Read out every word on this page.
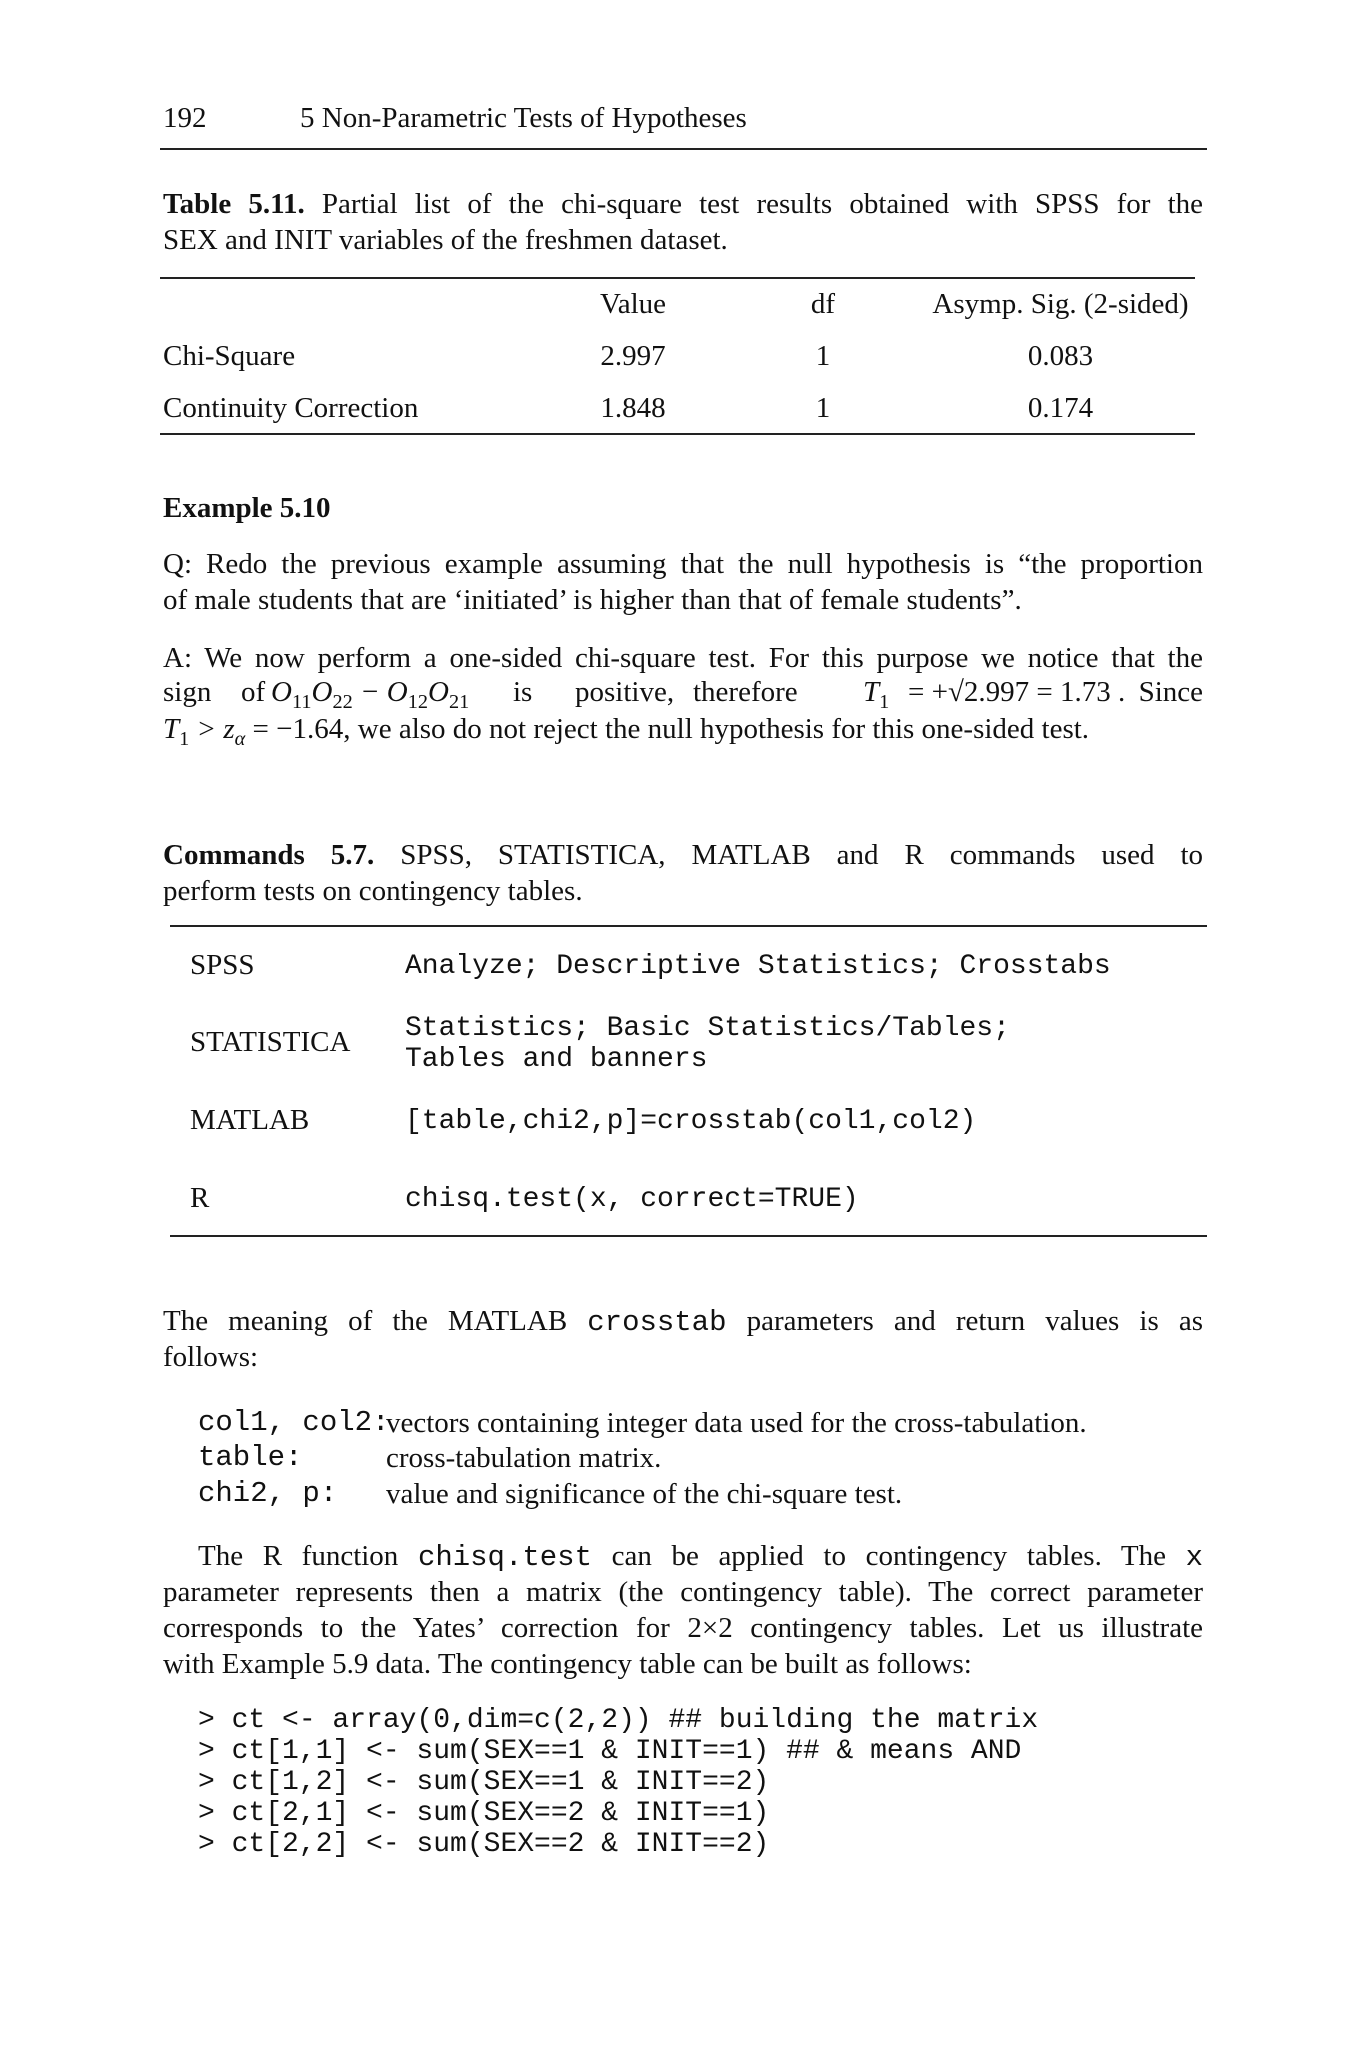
192	5 Non-Parametric Tests of Hypotheses
Table 5.11. Partial list of the chi-square test results obtained with SPSS for the
SEX and INIT variables of the freshmen dataset.
	Value	df	Asymp. Sig. (2-sided)
Chi-Square	2.997	1	0.083
Continuity Correction	1.848	1	0.174
Example 5.10
Q: Redo the previous example assuming that the null hypothesis is “the proportion
of male students that are ‘initiated’ is higher than that of female students”.
A: We now perform a one-sided chi-square test. For this purpose we notice that the
sign of $O_{11}O_{22} - O_{12}O_{21}$ is positive, therefore $T_1 = +√2.997 = 1.73$ . Since
$T_1 > z_\alpha = -1.64$, we also do not reject the null hypothesis for this one-sided test.
Commands 5.7. SPSS, STATISTICA, MATLAB and R commands used to
perform tests on contingency tables.
SPSS	Analyze; Descriptive Statistics; Crosstabs
STATISTICA Statistics; Basic Statistics/Tables;
Tables and banners
MATLAB	[table,chi2,p]=crosstab(col1,col2)
R	chisq.test(x, correct=TRUE)
The meaning of the MATLAB crosstab parameters and return values is as
follows:
col1, col2:
vectors containing integer data used for the cross-tabulation.
table:	cross-tabulation matrix.
chi2, p: value and significance of the chi-square test.
The R function chisq.test can be applied to contingency tables. The x
parameter represents then a matrix (the contingency table). The correct parameter
corresponds to the Yates’ correction for 2×2 contingency tables. Let us illustrate
with Example 5.9 data. The contingency table can be built as follows:
> ct <- array(0,dim=c(2,2)) ## building the matrix
> ct[1,1] <- sum(SEX==1 & INIT==1) ## & means AND
> ct[1,2] <- sum(SEX==1 & INIT==2)
> ct[2,1] <- sum(SEX==2 & INIT==1)
> ct[2,2] <- sum(SEX==2 & INIT==2)
